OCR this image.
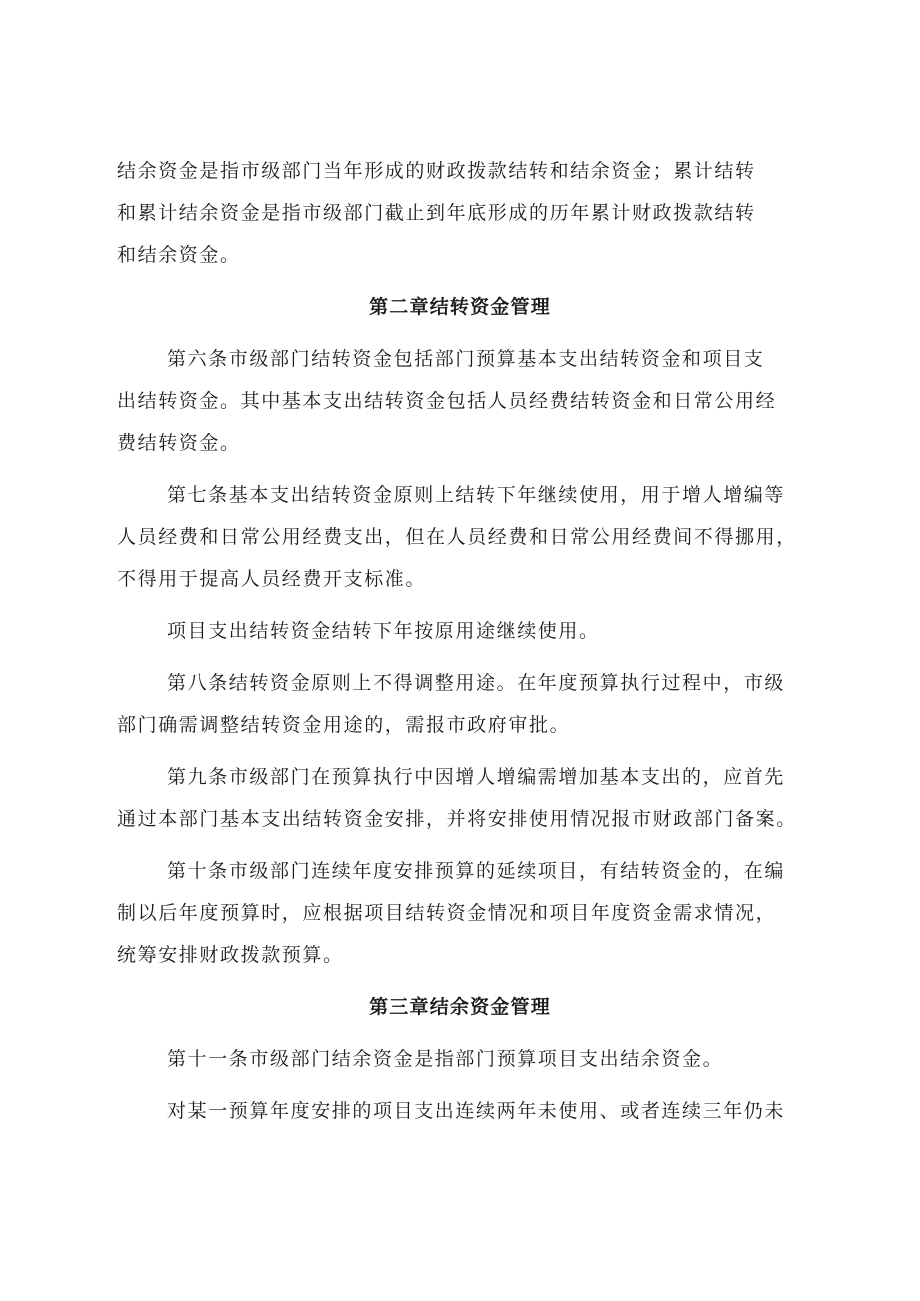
结余资金是指市级部门当年形成的财政拨款结转和结余资金；累计结转
和累计结余资金是指市级部门截止到年底形成的历年累计财政拨款结转
和结余资金。

第二章结转资金管理

第六条市级部门结转资金包括部门预算基本支出结转资金和项目支
出结转资金。其中基本支出结转资金包括人员经费结转资金和日常公用经
费结转资金。

第七条基本支出结转资金原则上结转下年继续使用，用于增人增编等
人员经费和日常公用经费支出，但在人员经费和日常公用经费间不得挪用，
不得用于提高人员经费开支标准。

项目支出结转资金结转下年按原用途继续使用。

第八条结转资金原则上不得调整用途。在年度预算执行过程中，市级
部门确需调整结转资金用途的，需报市政府审批。

第九条市级部门在预算执行中因增人增编需增加基本支出的，应首先
通过本部门基本支出结转资金安排，并将安排使用情况报市财政部门备案。

第十条市级部门连续年度安排预算的延续项目，有结转资金的，在编
制以后年度预算时，应根据项目结转资金情况和项目年度资金需求情况，
统筹安排财政拨款预算。

第三章结余资金管理

第十一条市级部门结余资金是指部门预算项目支出结余资金。

对某一预算年度安排的项目支出连续两年未使用、或者连续三年仍未
